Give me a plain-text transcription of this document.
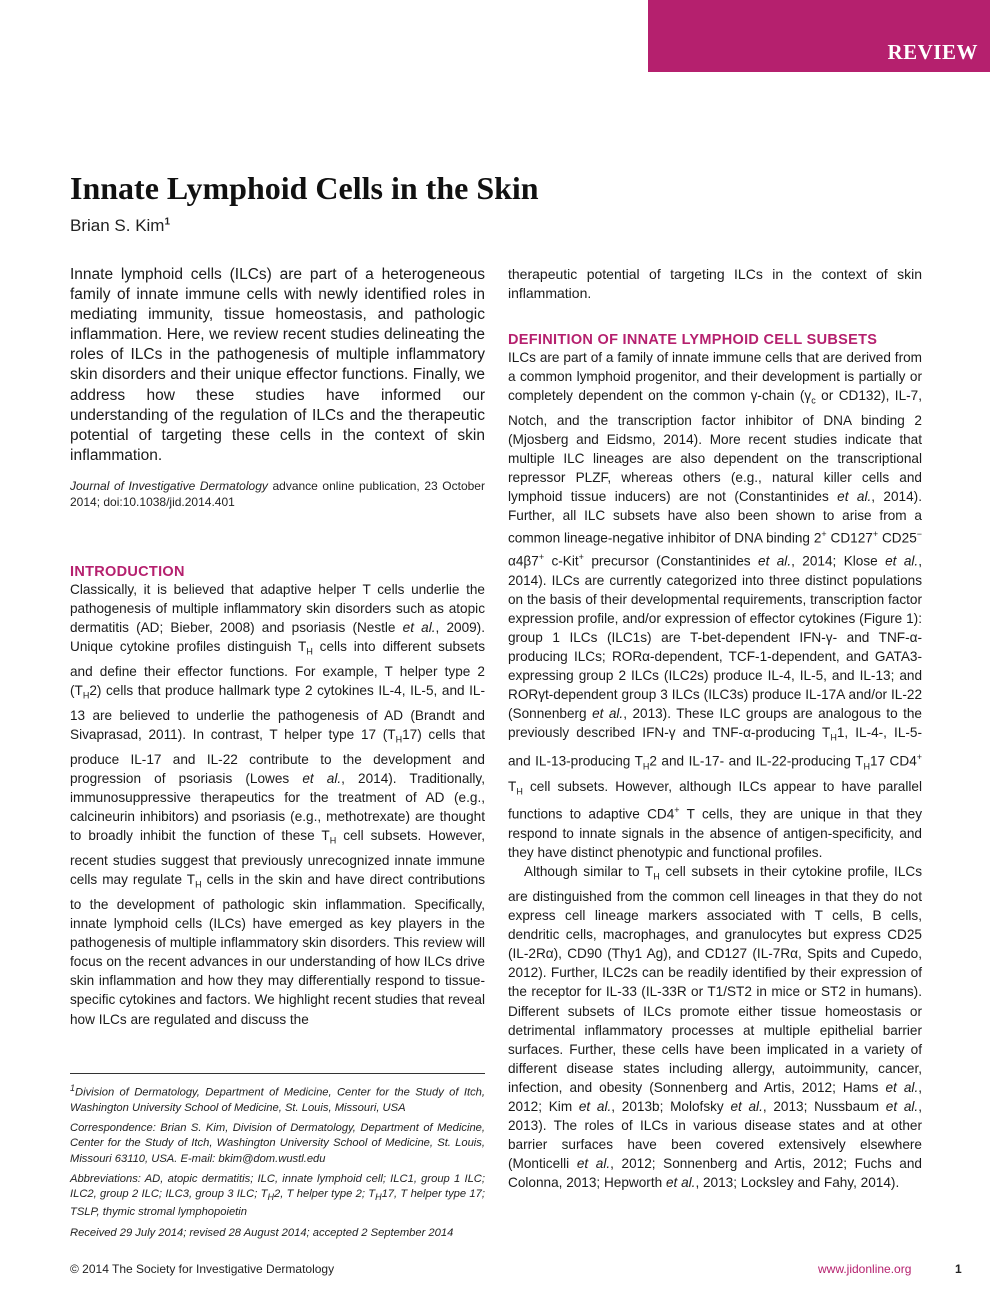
REVIEW
Innate Lymphoid Cells in the Skin
Brian S. Kim$^1$

Innate lymphoid cells (ILCs) are part of a heterogeneous family of innate immune cells with newly identified roles in mediating immunity, tissue homeostasis, and pathologic inflammation. Here, we review recent studies delineating the roles of ILCs in the pathogenesis of multiple inflammatory skin disorders and their unique effector functions. Finally, we address how these studies have informed our understanding of the regulation of ILCs and the therapeutic potential of targeting these cells in the context of skin inflammation.

Journal of Investigative Dermatology advance online publication, 23 October 2014; doi:10.1038/jid.2014.401

INTRODUCTION

Classically, it is believed that adaptive helper T cells underlie the pathogenesis of multiple inflammatory skin disorders such as atopic dermatitis (AD; Bieber, 2008) and psoriasis (Nestle et al., 2009). Unique cytokine profiles distinguish $T_H$ cells into different subsets and define their effector functions. For example, T helper type 2 $(T_H2)$ cells that produce hallmark type 2 cytokines IL-4, IL-5, and IL-13 are believed to underlie the pathogenesis of AD (Brandt and Sivaprasad, 2011). In contrast, T helper type 17 $(T_H17)$ cells that produce IL-17 and IL-22 contribute to the development and progression of psoriasis (Lowes et al., 2014). Traditionally, immunosuppressive therapeutics for the treatment of AD (e.g., calcineurin inhibitors) and psoriasis (e.g., methotrexate) are thought to broadly inhibit the function of these $T_H$ cell subsets. However, recent studies suggest that previously unrecognized innate immune cells may regulate $T_H$ cells in the skin and have direct contributions to the development of pathologic skin inflammation. Specifically, innate lymphoid cells (ILCs) have emerged as key players in the pathogenesis of multiple inflammatory skin disorders. This review will focus on the recent advances in our understanding of how ILCs drive skin inflammation and how they may differentially respond to tissue-specific cytokines and factors. We highlight recent studies that reveal how ILCs are regulated and discuss the

therapeutic potential of targeting ILCs in the context of skin inflammation.

DEFINITION OF INNATE LYMPHOID CELL SUBSETS

ILCs are part of a family of innate immune cells that are derived from a common lymphoid progenitor, and their development is partially or completely dependent on the common γ-chain ($\gamma_c$ or CD132), IL-7, Notch, and the transcription factor inhibitor of DNA binding 2 (Mjosberg and Eidsmo, 2014). More recent studies indicate that multiple ILC lineages are also dependent on the transcriptional repressor PLZF, whereas others (e.g., natural killer cells and lymphoid tissue inducers) are not (Constantinides et al., 2014). Further, all ILC subsets have also been shown to arise from a common lineage-negative inhibitor of DNA binding 2+ CD127+ CD25− α4β7+ c-Kit+ precursor (Constantinides et al., 2014; Klose et al., 2014). ILCs are currently categorized into three distinct populations on the basis of their developmental requirements, transcription factor expression profile, and/or expression of effector cytokines (Figure 1): group 1 ILCs (ILC1s) are T-bet-dependent IFN-γ- and TNF-α-producing ILCs; RORα-dependent, TCF-1-dependent, and GATA3-expressing group 2 ILCs (ILC2s) produce IL-4, IL-5, and IL-13; and RORγt-dependent group 3 ILCs (ILC3s) produce IL-17A and/or IL-22 (Sonnenberg et al., 2013). These ILC groups are analogous to the previously described IFN-γ and TNF-α-producing $T_H1$, IL-4-, IL-5- and IL-13-producing $T_H2$ and IL-17- and IL-22-producing $T_H17$ CD4+ $T_H$ cell subsets. However, although ILCs appear to have parallel functions to adaptive CD4+ T cells, they are unique in that they respond to innate signals in the absence of antigen-specificity, and they have distinct phenotypic and functional profiles.

Although similar to $T_H$ cell subsets in their cytokine profile, ILCs are distinguished from the common cell lineages in that they do not express cell lineage markers associated with T cells, B cells, dendritic cells, macrophages, and granulocytes but express CD25 (IL-2Rα), CD90 (Thy1 Ag), and CD127 (IL-7Rα, Spits and Cupedo, 2012). Further, ILC2s can be readily identified by their expression of the receptor for IL-33 (IL-33R or T1/ST2 in mice or ST2 in humans). Different subsets of ILCs promote either tissue homeostasis or detrimental inflammatory processes at multiple epithelial barrier surfaces. Further, these cells have been implicated in a variety of different disease states including allergy, autoimmunity, cancer, infection, and obesity (Sonnenberg and Artis, 2012; Hams et al., 2012; Kim et al., 2013b; Molofsky et al., 2013; Nussbaum et al., 2013). The roles of ILCs in various disease states and at other barrier surfaces have been covered extensively elsewhere (Monticelli et al., 2012; Sonnenberg and Artis, 2012; Fuchs and Colonna, 2013; Hepworth et al., 2013; Locksley and Fahy, 2014).

$^1$Division of Dermatology, Department of Medicine, Center for the Study of Itch, Washington University School of Medicine, St. Louis, Missouri, USA

Correspondence: Brian S. Kim, Division of Dermatology, Department of Medicine, Center for the Study of Itch, Washington University School of Medicine, St. Louis, Missouri 63110, USA. E-mail: bkim@dom.wustl.edu

Abbreviations: AD, atopic dermatitis; ILC, innate lymphoid cell; ILC1, group 1 ILC; ILC2, group 2 ILC; ILC3, group 3 ILC; $T_H2$, T helper type 2; $T_H17$, T helper type 17; TSLP, thymic stromal lymphopoietin

Received 29 July 2014; revised 28 August 2014; accepted 2 September 2014

© 2014 The Society for Investigative Dermatology	www.jidonline.org	1
